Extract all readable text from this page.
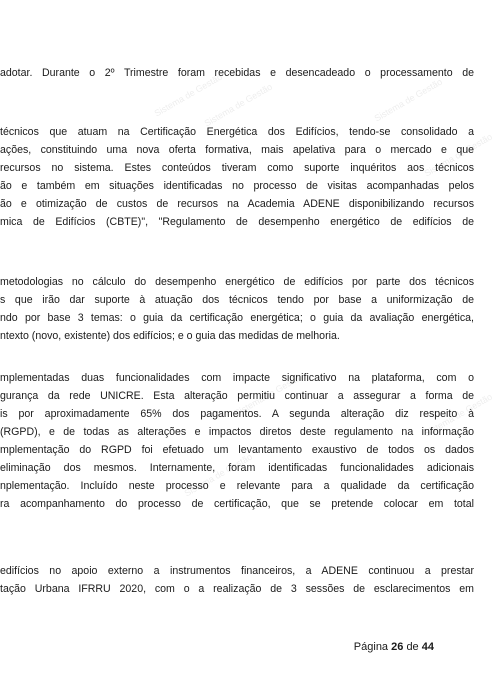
Sistema de Gestão	Sistema de Gestão
Sistema de Gestão
Sistema de Gestão
Sistema de Gestão	Sistema de Gestão
Sistema de Gestão
adotar. Durante o 2º Trimestre foram recebidas e desencadeado o processamento de
técnicos que atuam na Certificação Energética dos Edifícios, tendo-se consolidado a
ações, constituindo uma nova oferta formativa, mais apelativa para o mercado e que
recursos no sistema. Estes conteúdos tiveram como suporte inquéritos aos técnicos
ão e também em situações identificadas no processo de visitas acompanhadas pelos
ão e otimização de custos de recursos na Academia ADENE disponibilizando recursos
mica de Edifícios (CBTE)", "Regulamento de desempenho energético de edifícios de
metodologias no cálculo do desempenho energético de edifícios por parte dos técnicos
s que irão dar suporte à atuação dos técnicos tendo por base a uniformização de
ndo por base 3 temas: o guia da certificação energética; o guia da avaliação energética,
ntexto (novo, existente) dos edifícios; e o guia das medidas de melhoria.
mplementadas duas funcionalidades com impacte significativo na plataforma, com o
gurança da rede UNICRE. Esta alteração permitiu continuar a assegurar a forma de
is por aproximadamente 65% dos pagamentos. A segunda alteração diz respeito à
(RGPD), e de todas as alterações e impactos diretos deste regulamento na informação
mplementação do RGPD foi efetuado um levantamento exaustivo de todos os dados
eliminação dos mesmos. Internamente, foram identificadas funcionalidades adicionais
nplementação. Incluído neste processo e relevante para a qualidade da certificação
ra acompanhamento do processo de certificação, que se pretende colocar em total
edifícios no apoio externo a instrumentos financeiros, a ADENE continuou a prestar
tação Urbana IFRRU 2020, com o a realização de 3 sessões de esclarecimentos em
Página 26 de 44
